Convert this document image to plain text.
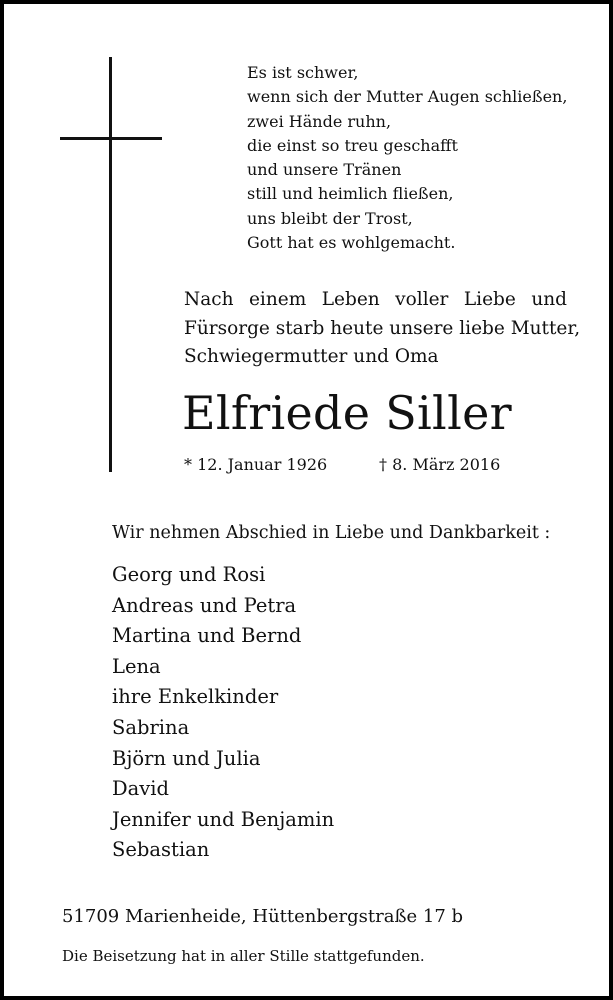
Es ist schwer,
wenn sich der Mutter Augen schließen,
zwei Hände ruhn,
die einst so treu geschafft
und unsere Tränen
still und heimlich fließen,
uns bleibt der Trost,
Gott hat es wohlgemacht.
Nach einem Leben voller Liebe und
Fürsorge starb heute unsere liebe Mutter,
Schwiegermutter und Oma
Elfriede Siller
* 12. Januar 1926	† 8. März 2016
Wir nehmen Abschied in Liebe und Dankbarkeit :
Georg und Rosi
Andreas und Petra
Martina und Bernd
Lena
ihre Enkelkinder
Sabrina
Björn und Julia
David
Jennifer und Benjamin
Sebastian
51709 Marienheide, Hüttenbergstraße 17 b
Die Beisetzung hat in aller Stille stattgefunden.
